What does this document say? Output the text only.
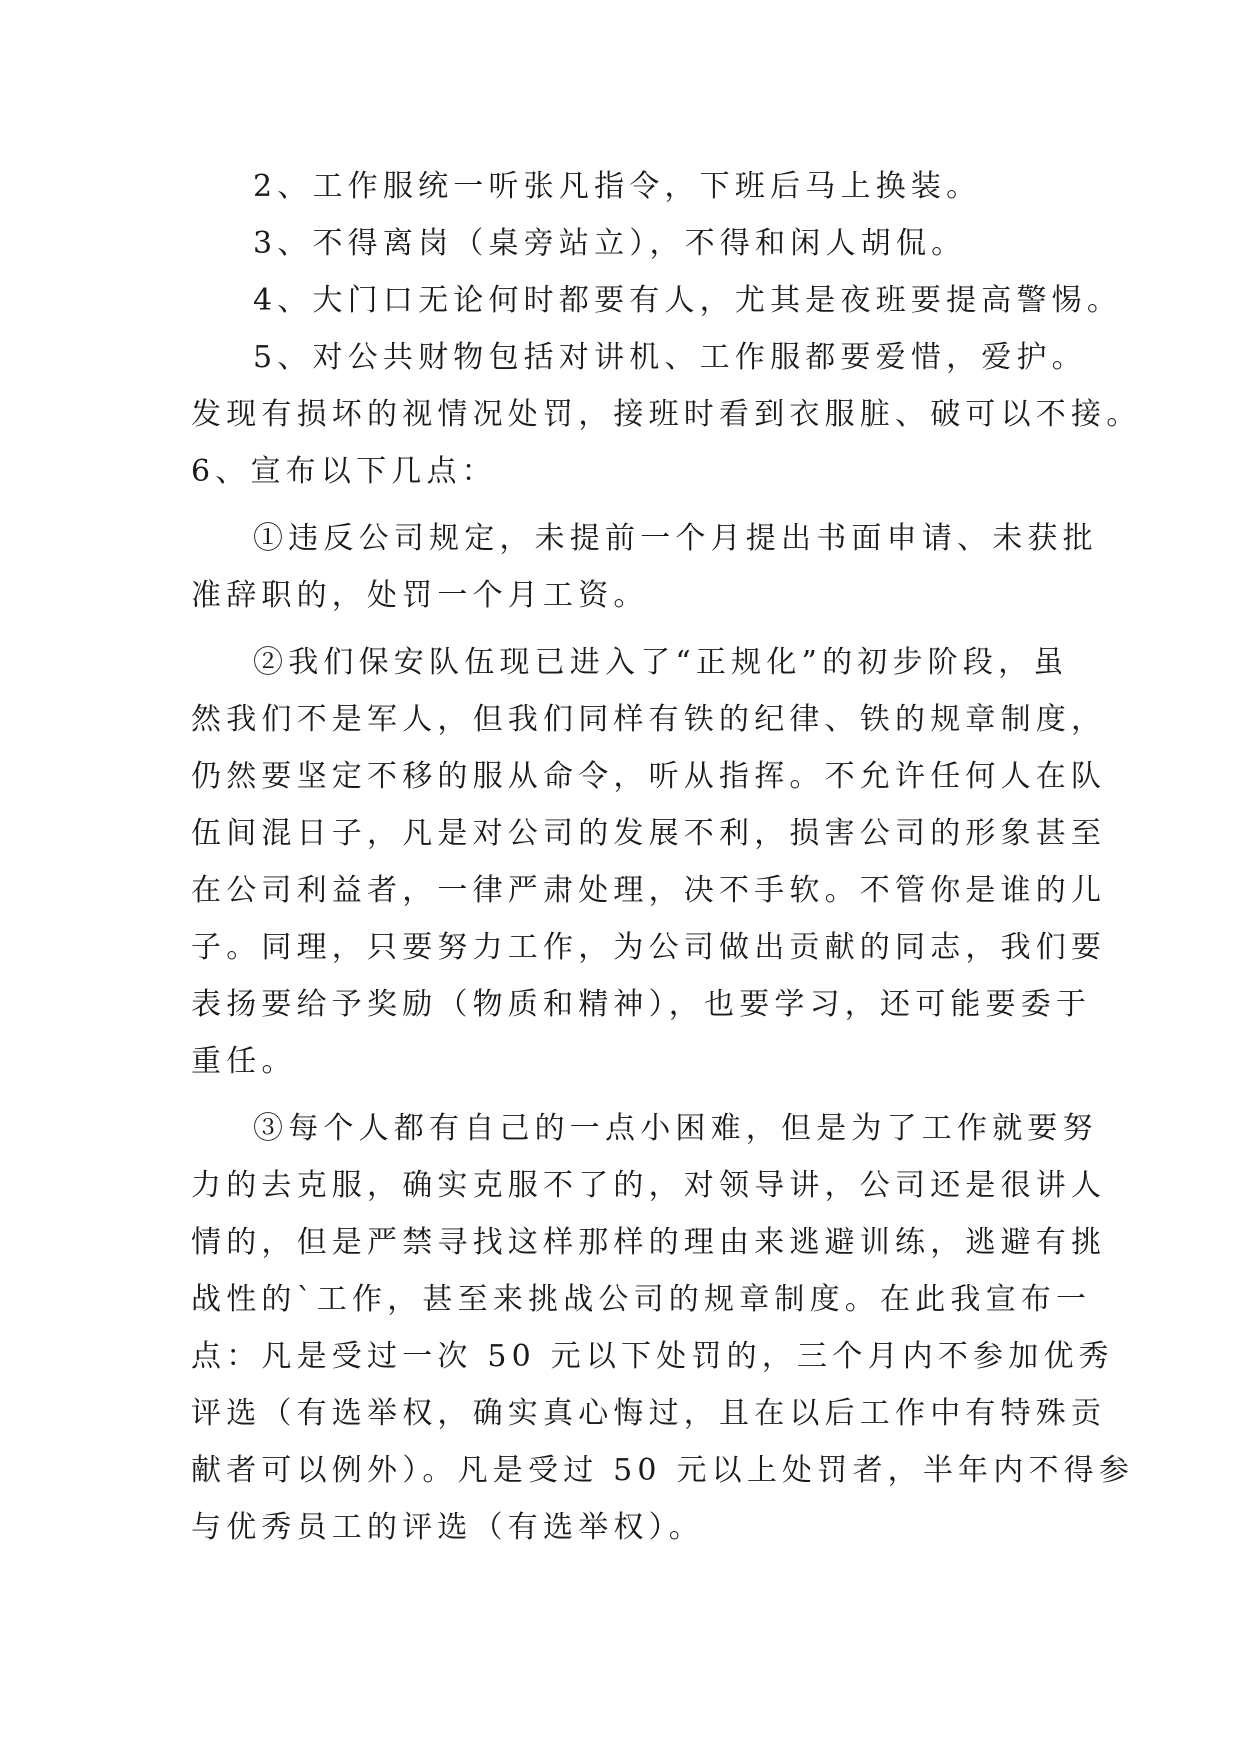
2、工作服统一听张凡指令，下班后马上换装。
3、不得离岗（桌旁站立），不得和闲人胡侃。
4、大门口无论何时都要有人，尤其是夜班要提高警惕。
5、对公共财物包括对讲机、工作服都要爱惜，爱护。
发现有损坏的视情况处罚，接班时看到衣服脏、破可以不接。
6、宣布以下几点：
①违反公司规定，未提前一个月提出书面申请、未获批
准辞职的，处罚一个月工资。
②我们保安队伍现已进入了“正规化”的初步阶段，虽
然我们不是军人，但我们同样有铁的纪律、铁的规章制度，
仍然要坚定不移的服从命令，听从指挥。不允许任何人在队
伍间混日子，凡是对公司的发展不利，损害公司的形象甚至
在公司利益者，一律严肃处理，决不手软。不管你是谁的儿
子。同理，只要努力工作，为公司做出贡献的同志，我们要
表扬要给予奖励（物质和精神），也要学习，还可能要委于
重任。
③每个人都有自己的一点小困难，但是为了工作就要努
力的去克服，确实克服不了的，对领导讲，公司还是很讲人
情的，但是严禁寻找这样那样的理由来逃避训练，逃避有挑
战性的`工作，甚至来挑战公司的规章制度。在此我宣布一
点：凡是受过一次 50 元以下处罚的，三个月内不参加优秀
评选（有选举权，确实真心悔过，且在以后工作中有特殊贡
献者可以例外）。凡是受过 50 元以上处罚者，半年内不得参
与优秀员工的评选（有选举权）。
